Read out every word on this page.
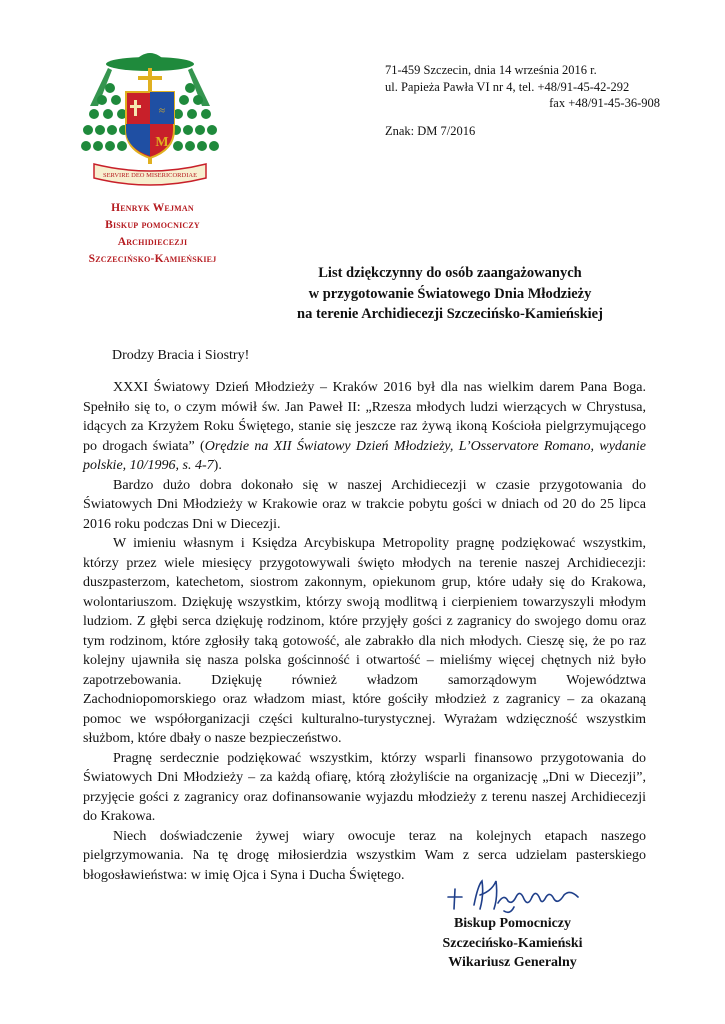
≈
M
SERVIRE DEO MISERICORDIAE
Henryk Wejman
Biskup pomocniczy
Archidiecezji
Szczecińsko-Kamieńskiej
71-459 Szczecin, dnia 14 września 2016 r.
ul. Papieża Pawła VI nr 4, tel. +48/91-45-42-292
fax +48/91-45-36-908
Znak: DM 7/2016
List dziękczynny do osób zaangażowanych
w przygotowanie Światowego Dnia Młodzieży
na terenie Archidiecezji Szczecińsko-Kamieńskiej
Drodzy Bracia i Siostry!

XXXI Światowy Dzień Młodzieży – Kraków 2016 był dla nas wielkim darem Pana Boga. Spełniło się to, o czym mówił św. Jan Paweł II: „Rzesza młodych ludzi wierzących w Chrystusa, idących za Krzyżem Roku Świętego, stanie się jeszcze raz żywą ikoną Kościoła pielgrzymującego po drogach świata” (Orędzie na XII Światowy Dzień Młodzieży, L’Osservatore Romano, wydanie polskie, 10/1996, s. 4-7).

Bardzo dużo dobra dokonało się w naszej Archidiecezji w czasie przygotowania do Światowych Dni Młodzieży w Krakowie oraz w trakcie pobytu gości w dniach od 20 do 25 lipca 2016 roku podczas Dni w Diecezji.

W imieniu własnym i Księdza Arcybiskupa Metropolity pragnę podziękować wszystkim, którzy przez wiele miesięcy przygotowywali święto młodych na terenie naszej Archidiecezji: duszpasterzom, katechetom, siostrom zakonnym, opiekunom grup, które udały się do Krakowa, wolontariuszom. Dziękuję wszystkim, którzy swoją modlitwą i cierpieniem towarzyszyli młodym ludziom. Z głębi serca dziękuję rodzinom, które przyjęły gości z zagranicy do swojego domu oraz tym rodzinom, które zgłosiły taką gotowość, ale zabrakło dla nich młodych. Cieszę się, że po raz kolejny ujawniła się nasza polska gościnność i otwartość – mieliśmy więcej chętnych niż było zapotrzebowania. Dziękuję również władzom samorządowym Województwa Zachodniopomorskiego oraz władzom miast, które gościły młodzież z zagranicy – za okazaną pomoc we współorganizacji części kulturalno-turystycznej. Wyrażam wdzięczność wszystkim służbom, które dbały o nasze bezpieczeństwo.

Pragnę serdecznie podziękować wszystkim, którzy wsparli finansowo przygotowania do Światowych Dni Młodzieży – za każdą ofiarę, którą złożyliście na organizację „Dni w Diecezji”, przyjęcie gości z zagranicy oraz dofinansowanie wyjazdu młodzieży z terenu naszej Archidiecezji do Krakowa.

Niech doświadczenie żywej wiary owocuje teraz na kolejnych etapach naszego pielgrzymowania. Na tę drogę miłosierdzia wszystkim Wam z serca udzielam pasterskiego błogosławieństwa: w imię Ojca i Syna i Ducha Świętego.

Biskup Pomocniczy
Szczecińsko-Kamieński
Wikariusz Generalny
